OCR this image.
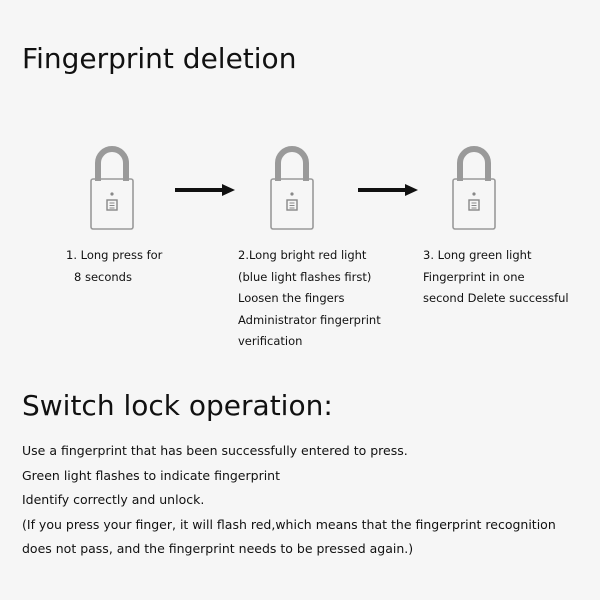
Fingerprint deletion
1. Long press for
8 seconds
2.Long bright red light
(blue light flashes first)
Loosen the fingers
Administrator fingerprint
verification
3. Long green light
Fingerprint in one
second Delete successful
Switch lock operation:
Use a fingerprint that has been successfully entered to press.
Green light flashes to indicate fingerprint
Identify correctly and unlock.
(If you press your finger, it will flash red,which means that the fingerprint recognition
does not pass, and the fingerprint needs to be pressed again.)
